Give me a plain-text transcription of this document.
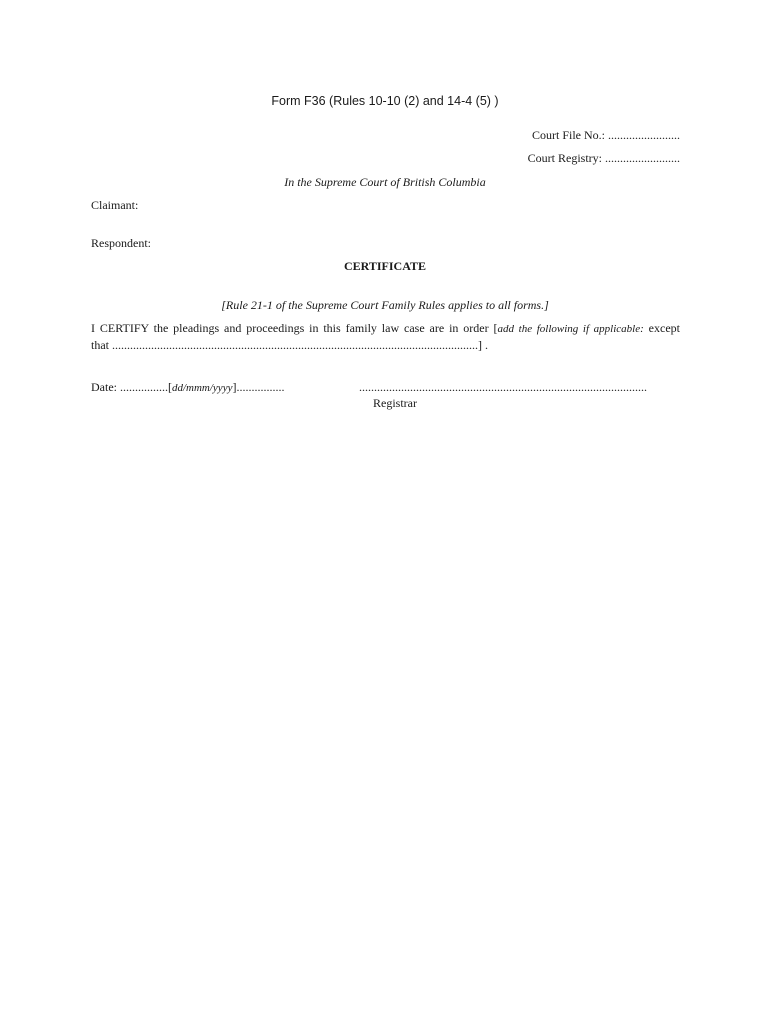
Form F36 (Rules 10-10 (2) and 14-4 (5) )
Court File No.: ........................
Court Registry: .........................
In the Supreme Court of British Columbia
Claimant:
Respondent:
CERTIFICATE
[Rule 21-1 of the Supreme Court Family Rules applies to all forms.]
I CERTIFY the pleadings and proceedings in this family law case are in order [add the following if applicable: except
that ..........................................................................................................................] .
Date: ................[dd/mmm/yyyy]................	................................................................................................
Registrar
